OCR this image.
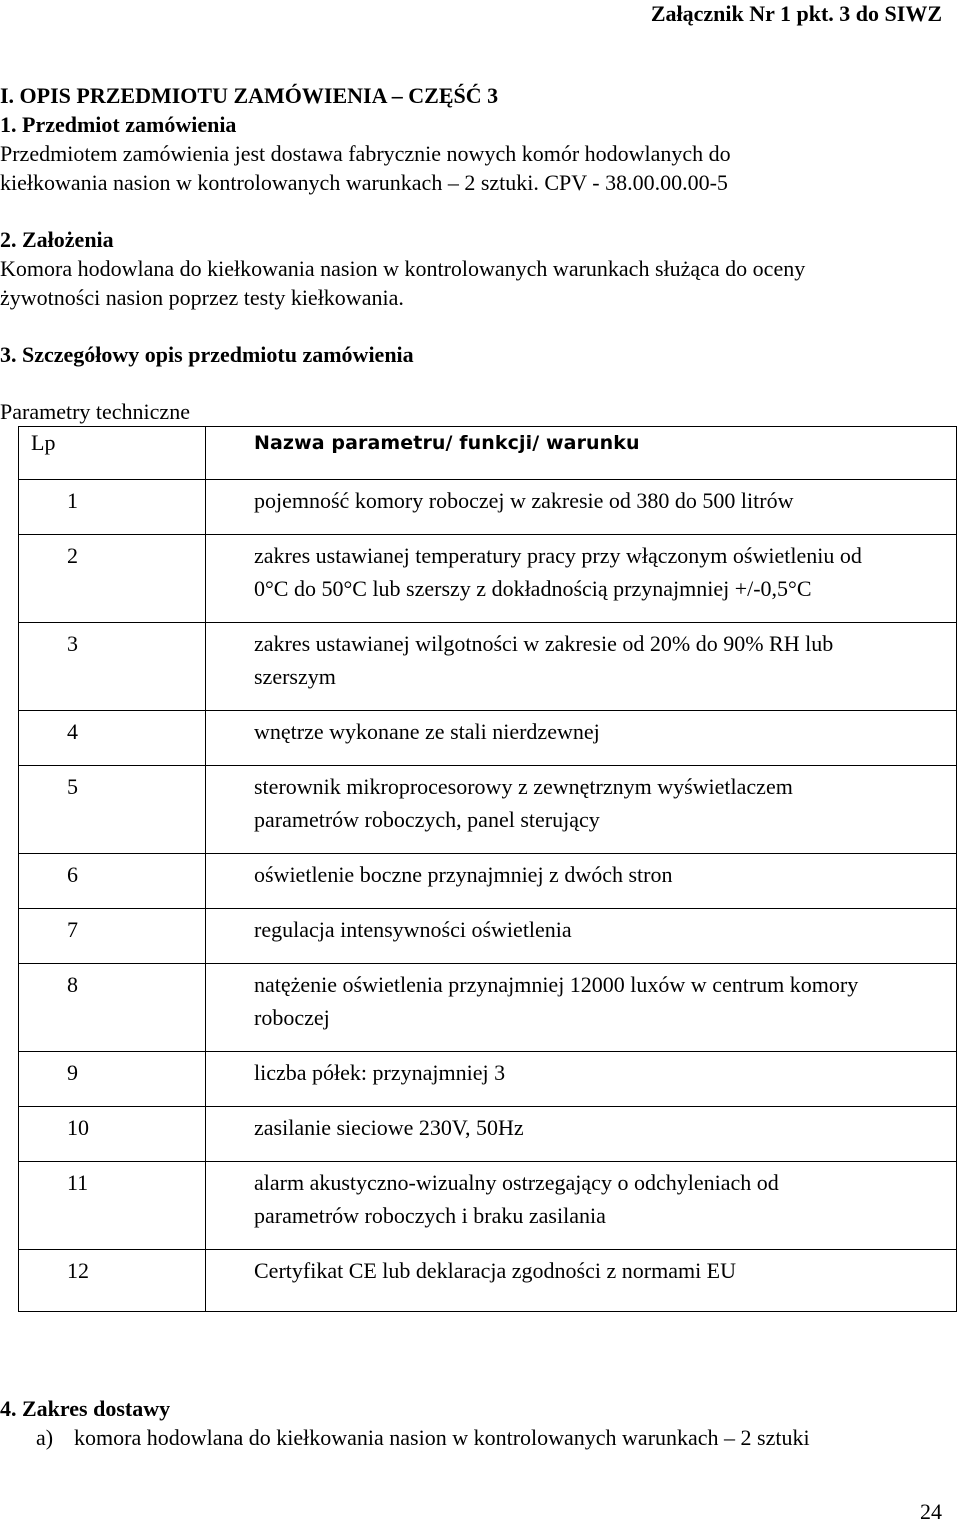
Załącznik Nr 1 pkt. 3 do SIWZ
I. OPIS PRZEDMIOTU ZAMÓWIENIA – CZĘŚĆ 3
1. Przedmiot zamówienia
Przedmiotem zamówienia jest dostawa fabrycznie nowych komór hodowlanych do
kiełkowania nasion w kontrolowanych warunkach – 2 sztuki. CPV - 38.00.00.00-5
2. Założenia
Komora hodowlana do kiełkowania nasion w kontrolowanych warunkach służąca do oceny
żywotności nasion poprzez testy kiełkowania.
3. Szczegółowy opis przedmiotu zamówienia
Parametry techniczne
Lp	Nazwa parametru/ funkcji/ warunku

1	pojemność komory roboczej w zakresie od 380 do 500 litrów

2	zakres ustawianej temperatury pracy przy włączonym oświetleniu od
0°C do 50°C lub szerszy z dokładnością przynajmniej +/-0,5°C

3	zakres ustawianej wilgotności w zakresie od 20% do 90% RH lub
szerszym

4	wnętrze wykonane ze stali nierdzewnej

5	sterownik mikroprocesorowy z zewnętrznym wyświetlaczem
parametrów roboczych, panel sterujący

6	oświetlenie boczne przynajmniej z dwóch stron

7	regulacja intensywności oświetlenia

8	natężenie oświetlenia przynajmniej 12000 luxów w centrum komory
roboczej

9	liczba półek: przynajmniej 3

10	zasilanie sieciowe 230V, 50Hz

11	alarm akustyczno-wizualny ostrzegający o odchyleniach od
parametrów roboczych i braku zasilania

12	Certyfikat CE lub deklaracja zgodności z normami EU
4. Zakres dostawy
a) komora hodowlana do kiełkowania nasion w kontrolowanych warunkach – 2 sztuki
24
